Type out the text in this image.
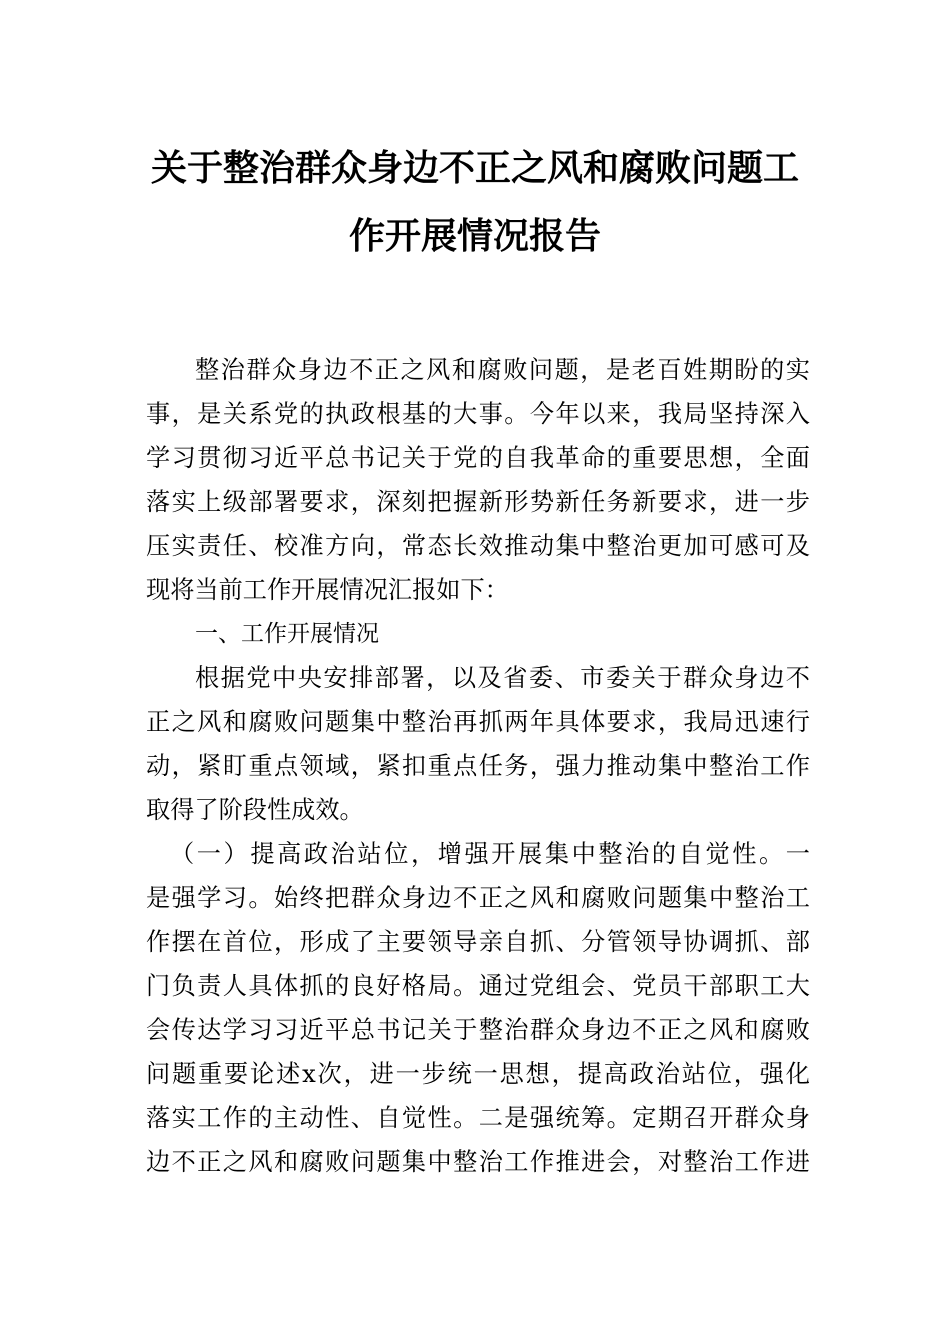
关于整治群众身边不正之风和腐败问题工
作开展情况报告
整治群众身边不正之风和腐败问题，是老百姓期盼的实
事，是关系党的执政根基的大事。今年以来，我局坚持深入
学习贯彻习近平总书记关于党的自我革命的重要思想，全面
落实上级部署要求，深刻把握新形势新任务新要求，进一步
压实责任、校准方向，常态长效推动集中整治更加可感可及
现将当前工作开展情况汇报如下：
一、工作开展情况
根据党中央安排部署，以及省委、市委关于群众身边不
正之风和腐败问题集中整治再抓两年具体要求，我局迅速行
动，紧盯重点领域，紧扣重点任务，强力推动集中整治工作
取得了阶段性成效。
（一）提高政治站位，增强开展集中整治的自觉性。一
是强学习。始终把群众身边不正之风和腐败问题集中整治工
作摆在首位，形成了主要领导亲自抓、分管领导协调抓、部
门负责人具体抓的良好格局。通过党组会、党员干部职工大
会传达学习习近平总书记关于整治群众身边不正之风和腐败
问题重要论述x次，进一步统一思想，提高政治站位，强化
落实工作的主动性、自觉性。二是强统筹。定期召开群众身
边不正之风和腐败问题集中整治工作推进会，对整治工作进
